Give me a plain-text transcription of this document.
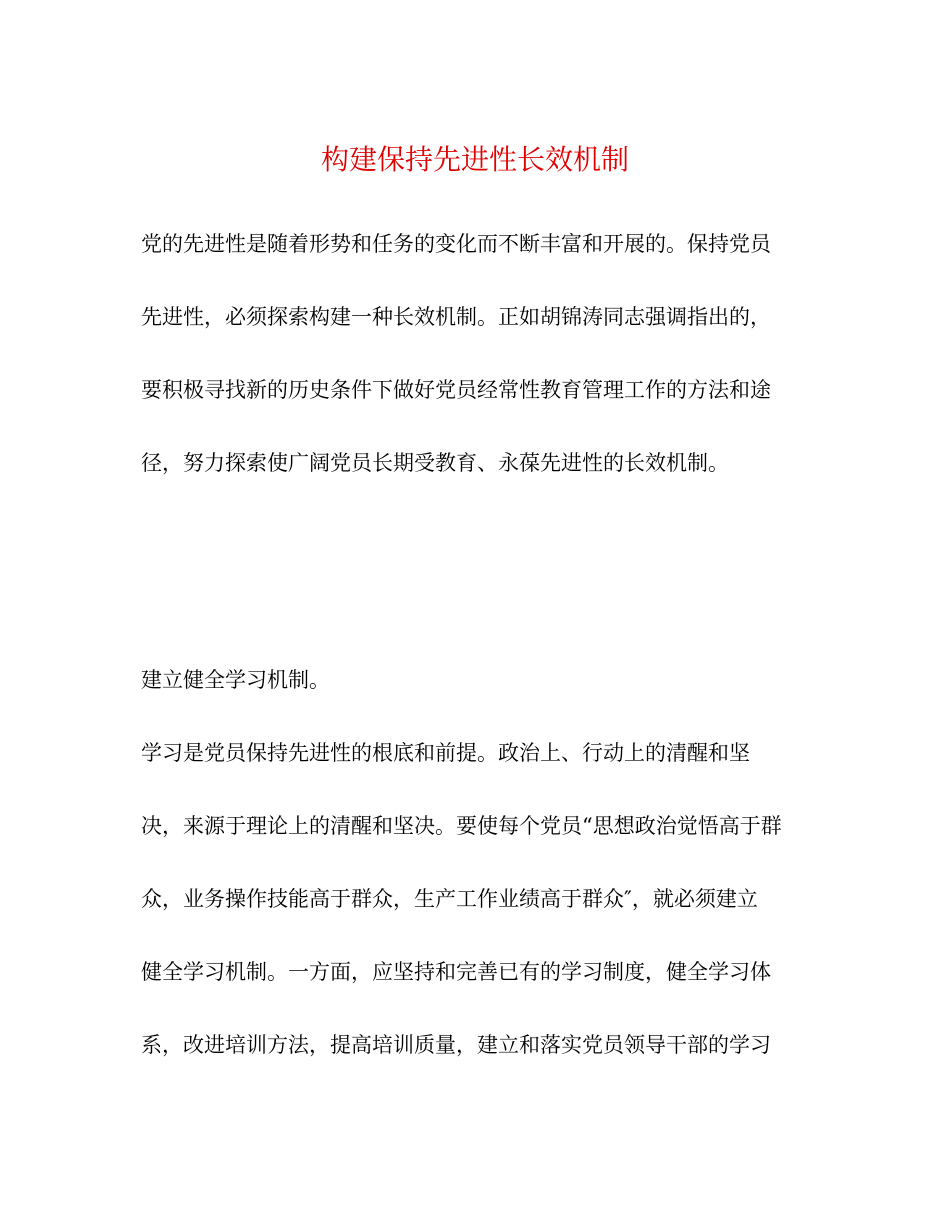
构建保持先进性长效机制
党的先进性是随着形势和任务的变化而不断丰富和开展的。保持党员
先进性，必须探索构建一种长效机制。正如胡锦涛同志强调指出的，
要积极寻找新的历史条件下做好党员经常性教育管理工作的方法和途
径，努力探索使广阔党员长期受教育、永葆先进性的长效机制。
建立健全学习机制。
学习是党员保持先进性的根底和前提。政治上、行动上的清醒和坚
决，来源于理论上的清醒和坚决。要使每个党员“思想政治觉悟高于群
众，业务操作技能高于群众，生产工作业绩高于群众″，就必须建立
健全学习机制。一方面，应坚持和完善已有的学习制度，健全学习体
系，改进培训方法，提高培训质量，建立和落实党员领导干部的学习
